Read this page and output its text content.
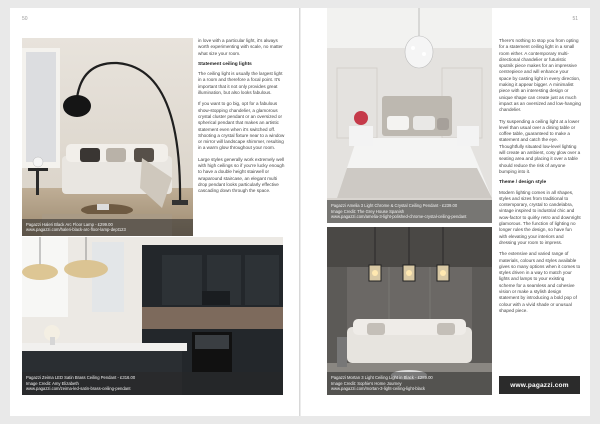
50
Pagazzi Haleri Black Arc Floor Lamp - £299.00
www.pagazzi.com/haleri-black-arc-floor-lamp-dept123

in love with a particular light, it's always worth experimenting with scale, no matter what size your room.

Statement ceiling lights

The ceiling light is usually the largest light in a room and therefore a focal point. It's important that it not only provides great illumination, but also looks fabulous.

If you want to go big, opt for a fabulous show-stopping chandelier, a glamorous crystal cluster pendant or an oversized or spherical pendant that makes an artistic statement even when it's switched off. Shooting a crystal fixture near to a window or mirror will landscape shimmer, resulting in a warm glow throughout your room.

Large styles generally work extremely well with high ceilings so if you're lucky enough to have a double height stairwell or wraparound staircase, an elegant multi drop pendant looks particularly effective cascading down through the space.

Pagazzi Zeima LED Satin Brass Ceiling Pendant - £316.00
Image Credit: Amy Elizabeth
www.pagazzi.com/zeima-led-satin-brass-ceiling-pendant
51
Pagazzi Amelia 3 Light Chrome & Crystal Ceiling Pendant - £239.00
Image Credit: The Grey House Spanish
www.pagazzi.com/amelia-3-light-polished-chrome-crystal-ceiling-pendant

There's nothing to stop you from opting for a statement ceiling light in a small room either. A contemporary multi-directional chandelier or futuristic sputnik piece makes for an impressive centrepiece and will enhance your space by casting light in every direction, making it appear bigger. A minimalist piece with an interesting design or unique shape can create just as much impact as an oversized and low-hanging chandelier.

Try suspending a ceiling light at a lower level than usual over a dining table or coffee table, guaranteed to make a statement and catch the eye. Thoughtfully situated low-level lighting will create an ambient, cosy glow over a seating area and placing it over a table should reduce the risk of anyone bumping into it.

Theme / design style

Modern lighting comes in all shapes, styles and sizes from traditional to contemporary, crystal to candelabra, vintage inspired to industrial chic and wow-factor to quirky retro and downright glamorous. The function of lighting no longer rules the design, so have fun with elevating your interiors and dressing your room to impress.

The extensive and varied range of materials, colours and styles available gives so many options when it comes to styles driven in a way to match your lights and lamps to your existing scheme for a seamless and cohesive vision or make a stylish design statement by introducing a bold pop of colour with a vivid shade or unusual shaped piece.

Pagazzi Mortan 3 Light Ceiling Light in Black - £289.00
Image Credit: Sophie's Home Journey
www.pagazzi.com/mortan-3-light-ceiling-light-black
www.pagazzi.com
